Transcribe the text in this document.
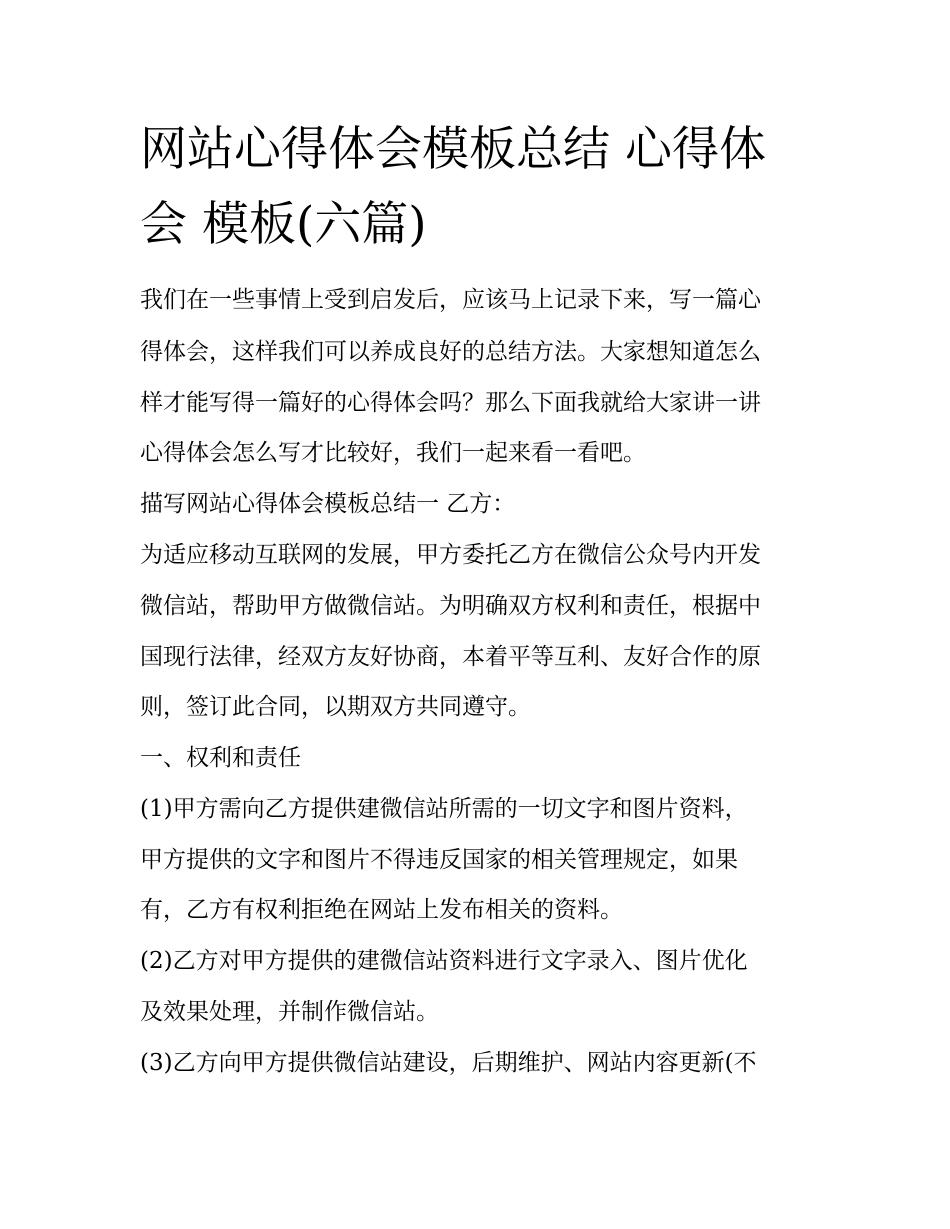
网站心得体会模板总结 心得体
会 模板(六篇)

我们在一些事情上受到启发后，应该马上记录下来，写一篇心

得体会，这样我们可以养成良好的总结方法。大家想知道怎么

样才能写得一篇好的心得体会吗？那么下面我就给大家讲一讲

心得体会怎么写才比较好，我们一起来看一看吧。

描写网站心得体会模板总结一 乙方：

为适应移动互联网的发展，甲方委托乙方在微信公众号内开发

微信站，帮助甲方做微信站。为明确双方权利和责任，根据中

国现行法律，经双方友好协商，本着平等互利、友好合作的原

则，签订此合同，以期双方共同遵守。

一、权利和责任

(1)甲方需向乙方提供建微信站所需的一切文字和图片资料，

甲方提供的文字和图片不得违反国家的相关管理规定，如果

有，乙方有权利拒绝在网站上发布相关的资料。

(2)乙方对甲方提供的建微信站资料进行文字录入、图片优化

及效果处理，并制作微信站。

(3)乙方向甲方提供微信站建设，后期维护、网站内容更新(不
